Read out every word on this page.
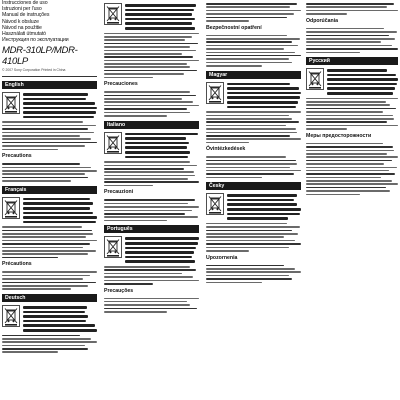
Instrucciones de uso
Istruzioni per l'uso
Manual de instruções
Návod k obsluze
Návod na použitie
Használati útmutató
Инструкция по эксплуатации
MDR-310LP/MDR-410LP
© 2007 Sony Corporation Printed in China
English
Precautions
Français
Précautions
Deutsch
Precauciones
Italiano
Precauzioni
Português
Precauções
Bezpečnostní opatření
Magyar
Óvintézkedések
Česky
Upozornenia
Odporúčania
Русский
Меры предосторожности
